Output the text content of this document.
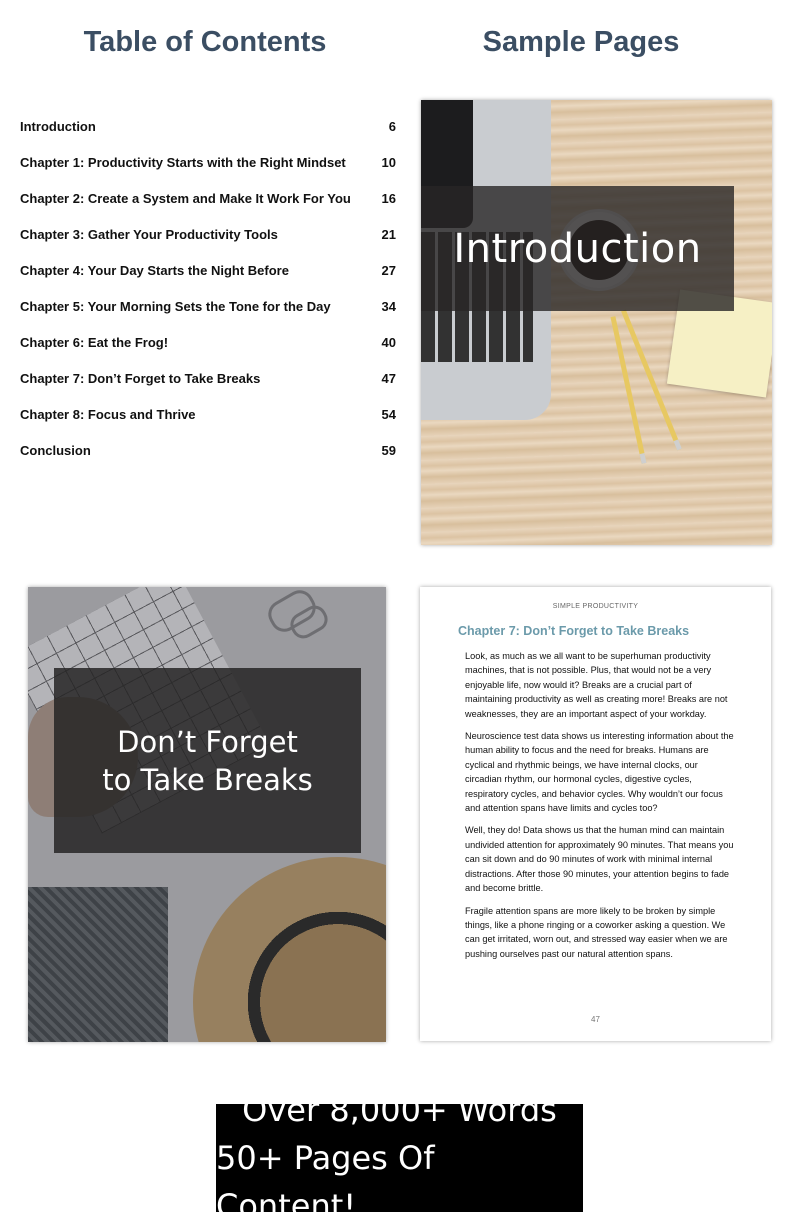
Table of Contents	Sample Pages
Introduction	6
Chapter 1: Productivity Starts with the Right Mindset	10
Chapter 2: Create a System and Make It Work For You 16
Chapter 3: Gather Your Productivity Tools	21
Chapter 4: Your Day Starts the Night Before	27
Chapter 5: Your Morning Sets the Tone for the Day	34
Chapter 6: Eat the Frog!	40
Chapter 7: Don’t Forget to Take Breaks	47
Chapter 8: Focus and Thrive	54
Conclusion	59
Introduction
Don’t Forget
to Take Breaks
SIMPLE PRODUCTIVITY
Chapter 7: Don’t Forget to Take Breaks

Look, as much as we all want to be superhuman productivity machines, that is not possible. Plus, that would not be a very enjoyable life, now would it? Breaks are a crucial part of maintaining productivity as well as creating more! Breaks are not weaknesses, they are an important aspect of your workday.

Neuroscience test data shows us interesting information about the human ability to focus and the need for breaks. Humans are cyclical and rhythmic beings, we have internal clocks, our circadian rhythm, our hormonal cycles, digestive cycles, respiratory cycles, and behavior cycles. Why wouldn’t our focus and attention spans have limits and cycles too?

Well, they do! Data shows us that the human mind can maintain undivided attention for approximately 90 minutes. That means you can sit down and do 90 minutes of work with minimal internal distractions. After those 90 minutes, your attention begins to fade and become brittle.

Fragile attention spans are more likely to be broken by simple things, like a phone ringing or a coworker asking a question. We can get irritated, worn out, and stressed way easier when we are pushing ourselves past our natural attention spans.

47
Over 8,000+ Words
50+ Pages Of Content!
